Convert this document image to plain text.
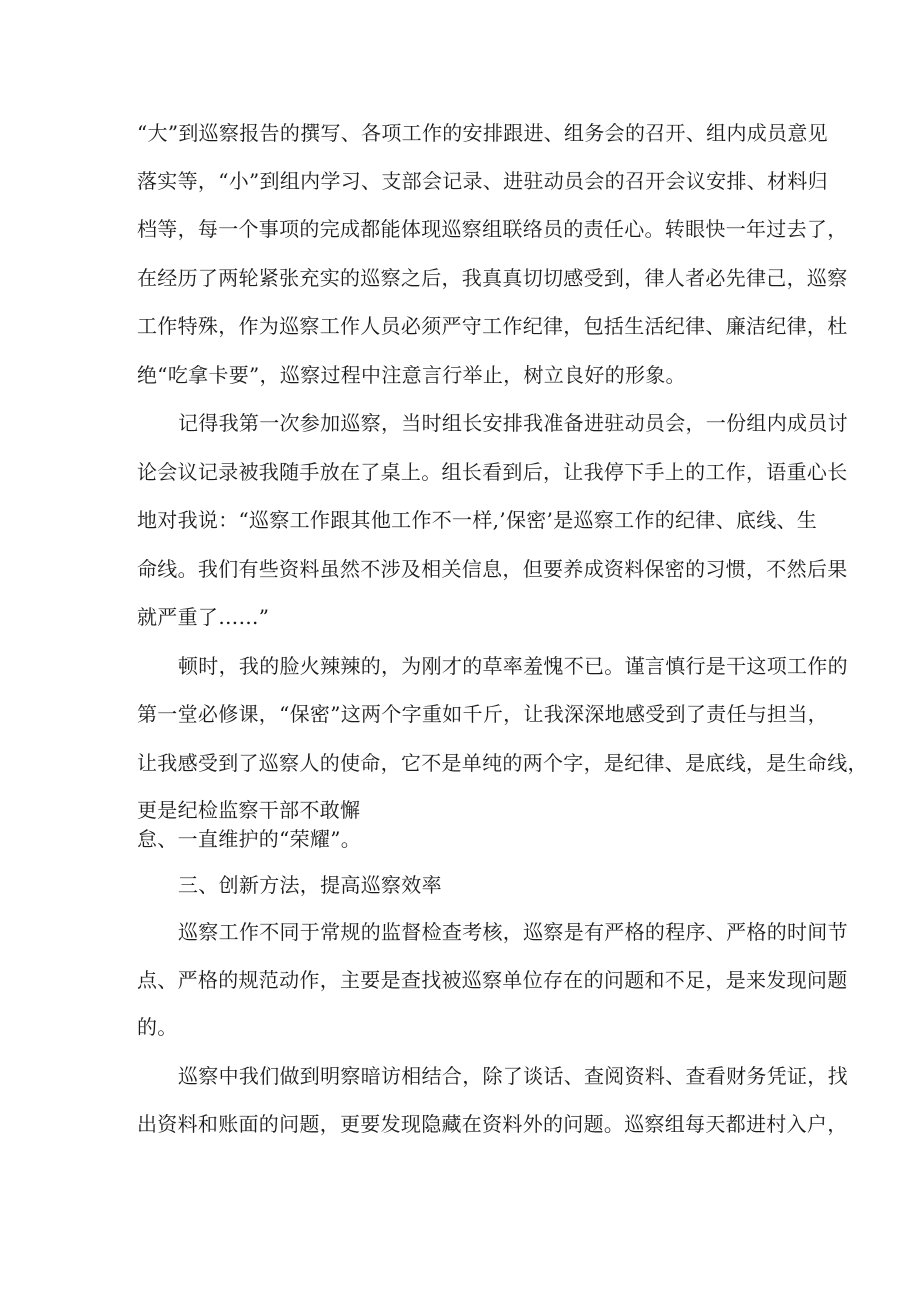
“大”到巡察报告的撰写、各项工作的安排跟进、组务会的召开、组内成员意见
落实等，“小”到组内学习、支部会记录、进驻动员会的召开会议安排、材料归
档等，每一个事项的完成都能体现巡察组联络员的责任心。转眼快一年过去了，
在经历了两轮紧张充实的巡察之后，我真真切切感受到，律人者必先律己，巡察
工作特殊，作为巡察工作人员必须严守工作纪律，包括生活纪律、廉洁纪律，杜
绝“吃拿卡要”，巡察过程中注意言行举止，树立良好的形象。
记得我第一次参加巡察，当时组长安排我准备进驻动员会，一份组内成员讨
论会议记录被我随手放在了桌上。组长看到后，让我停下手上的工作，语重心长
地对我说：“巡察工作跟其他工作不一样,’保密’是巡察工作的纪律、底线、生
命线。我们有些资料虽然不涉及相关信息，但要养成资料保密的习惯，不然后果
就严重了……”
顿时，我的脸火辣辣的，为刚才的草率羞愧不已。谨言慎行是干这项工作的
第一堂必修课，“保密”这两个字重如千斤，让我深深地感受到了责任与担当，
让我感受到了巡察人的使命，它不是单纯的两个字，是纪律、是底线，是生命线，
更是纪检监察干部不敢懈
怠、一直维护的“荣耀”。
三、创新方法，提高巡察效率
巡察工作不同于常规的监督检查考核，巡察是有严格的程序、严格的时间节
点、严格的规范动作，主要是查找被巡察单位存在的问题和不足，是来发现问题
的。
巡察中我们做到明察暗访相结合，除了谈话、查阅资料、查看财务凭证，找
出资料和账面的问题，更要发现隐藏在资料外的问题。巡察组每天都进村入户，
